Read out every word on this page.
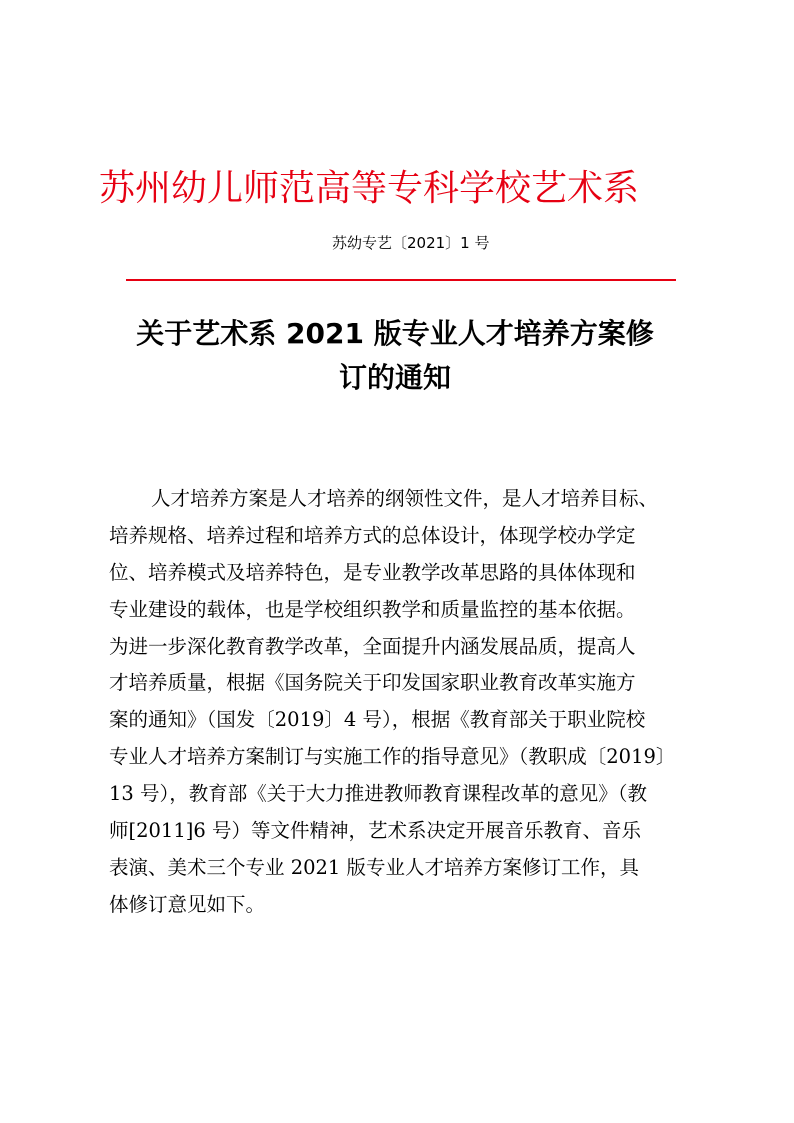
苏州幼儿师范高等专科学校艺术系
苏幼专艺〔2021〕1 号
关于艺术系 2021 版专业人才培养方案修
订的通知
人才培养方案是人才培养的纲领性文件，是人才培养目标、
培养规格、培养过程和培养方式的总体设计，体现学校办学定
位、培养模式及培养特色，是专业教学改革思路的具体体现和
专业建设的载体，也是学校组织教学和质量监控的基本依据。
为进一步深化教育教学改革，全面提升内涵发展品质，提高人
才培养质量，根据《国务院关于印发国家职业教育改革实施方
案的通知》（国发〔2019〕4 号），根据《教育部关于职业院校
专业人才培养方案制订与实施工作的指导意见》（教职成〔2019〕
13 号），教育部《关于大力推进教师教育课程改革的意见》（教
师[2011]6 号）等文件精神，艺术系决定开展音乐教育、音乐
表演、美术三个专业 2021 版专业人才培养方案修订工作，具
体修订意见如下。
